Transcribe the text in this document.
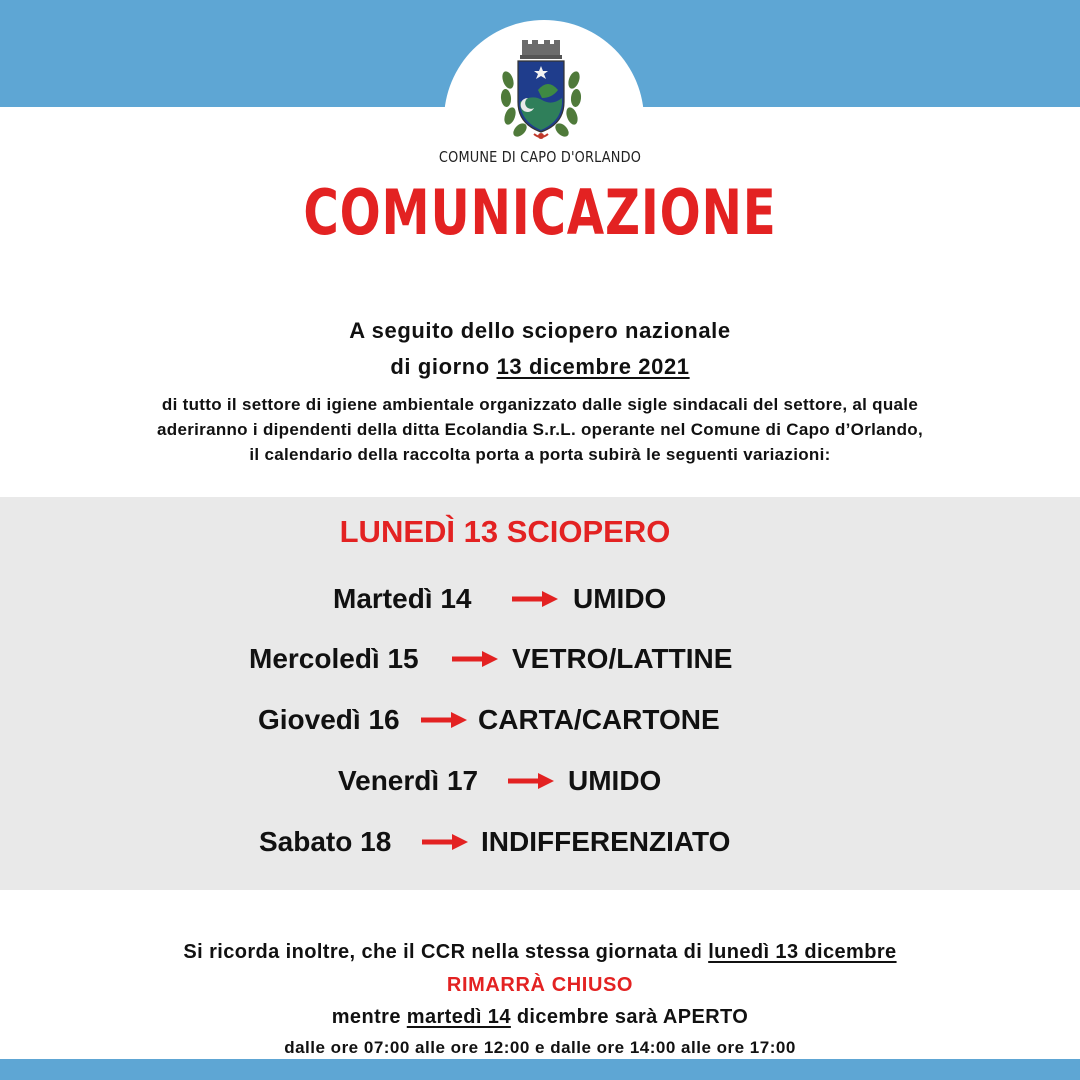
COMUNE DI CAPO D'ORLANDO
COMUNICAZIONE
A seguito dello sciopero nazionale
di giorno 13 dicembre 2021
di tutto il settore di igiene ambientale organizzato dalle sigle sindacali del settore, al quale
aderiranno i dipendenti della ditta Ecolandia S.r.L. operante nel Comune di Capo d’Orlando,
il calendario della raccolta porta a porta subirà le seguenti variazioni:
LUNEDÌ 13 SCIOPERO
Martedì 14	UMIDO
Mercoledì 15	VETRO/LATTINE
Giovedì 16	CARTA/CARTONE
Venerdì 17	UMIDO
Sabato 18	INDIFFERENZIATO
Si ricorda inoltre, che il CCR nella stessa giornata di lunedì 13 dicembre
RIMARRÀ CHIUSO
mentre martedì 14 dicembre sarà APERTO
dalle ore 07:00 alle ore 12:00 e dalle ore 14:00 alle ore 17:00
